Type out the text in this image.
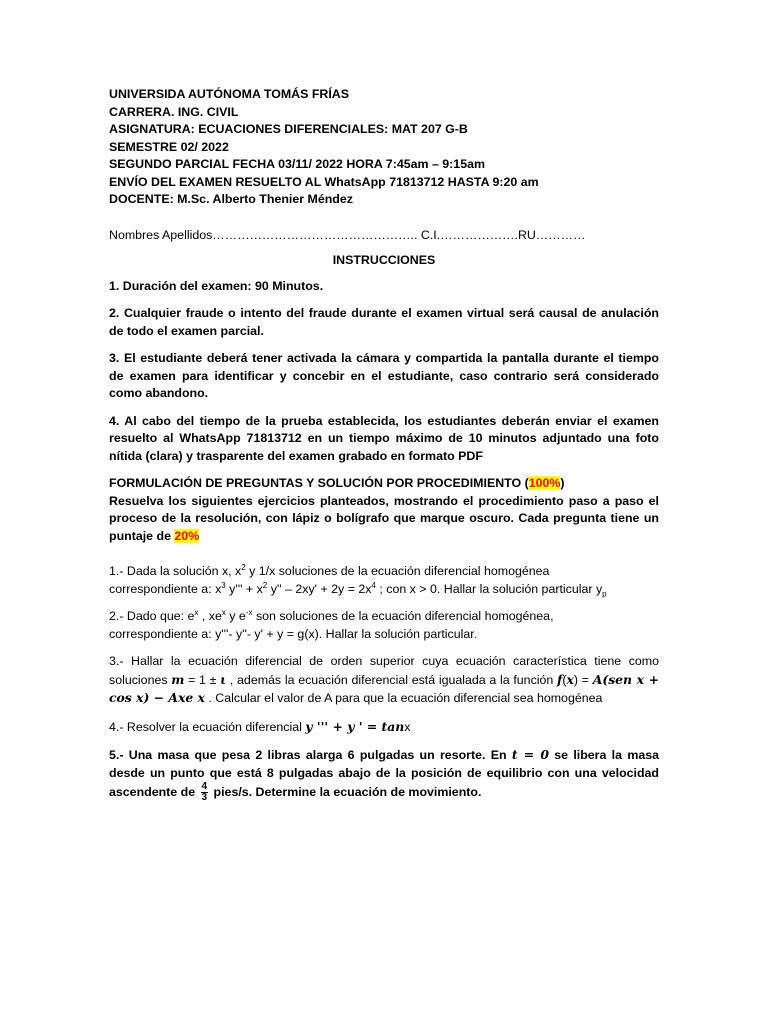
UNIVERSIDA AUTÓNOMA TOMÁS FRÍAS
CARRERA. ING. CIVIL
ASIGNATURA: ECUACIONES DIFERENCIALES: MAT 207 G-B
SEMESTRE 02/ 2022
SEGUNDO PARCIAL FECHA 03/11/ 2022 HORA 7:45am – 9:15am
ENVÍO DEL EXAMEN RESUELTO AL WhatsApp 71813712 HASTA 9:20 am
DOCENTE: M.Sc. Alberto Thenier Méndez
Nombres Apellidos………………………………………….. C.I.……………….RU…………
INSTRUCCIONES
1. Duración del examen: 90 Minutos.
2. Cualquier fraude o intento del fraude durante el examen virtual será causal de anulación de todo el examen parcial.
3. El estudiante deberá tener activada la cámara y compartida la pantalla durante el tiempo de examen para identificar y concebir en el estudiante, caso contrario será considerado como abandono.
4. Al cabo del tiempo de la prueba establecida, los estudiantes deberán enviar el examen resuelto al WhatsApp 71813712 en un tiempo máximo de 10 minutos adjuntado una foto nítida (clara) y trasparente del examen grabado en formato PDF
FORMULACIÓN DE PREGUNTAS Y SOLUCIÓN POR PROCEDIMIENTO (100%)
Resuelva los siguientes ejercicios planteados, mostrando el procedimiento paso a paso el proceso de la resolución, con lápiz o bolígrafo que marque oscuro. Cada pregunta tiene un puntaje de 20%
1.- Dada la solución x, $x^2$ y 1/x soluciones de la ecuación diferencial homogénea
correspondiente a: $x^3$ $y''' + x^2$ $y'' - 2xy' + 2y = 2x^4$ ; con x > 0. Hallar la solución particular $y_p$
2.- Dado que: $e^x$ , $xe^x$ y $e^{-x}$ son soluciones de la ecuación diferencial homogénea,
correspondiente a: y'''- y''- y' + y = g(x). Hallar la solución particular.
3.- Hallar la ecuación diferencial de orden superior cuya ecuación característica tiene como soluciones m = 1 ± ι , además la ecuación diferencial está igualada a la función f(x) = A(sen x + cos x) − Axe x . Calcular el valor de A para que la ecuación diferencial sea homogénea
4.- Resolver la ecuación diferencial y ''' + y ' = tanx
5.- Una masa que pesa 2 libras alarga 6 pulgadas un resorte. En t = 0 se libera la masa desde un punto que está 8 pulgadas abajo de la posición de equilibrio con una velocidad ascendente de $\frac{4}{3}$ pies/s. Determine la ecuación de movimiento.
